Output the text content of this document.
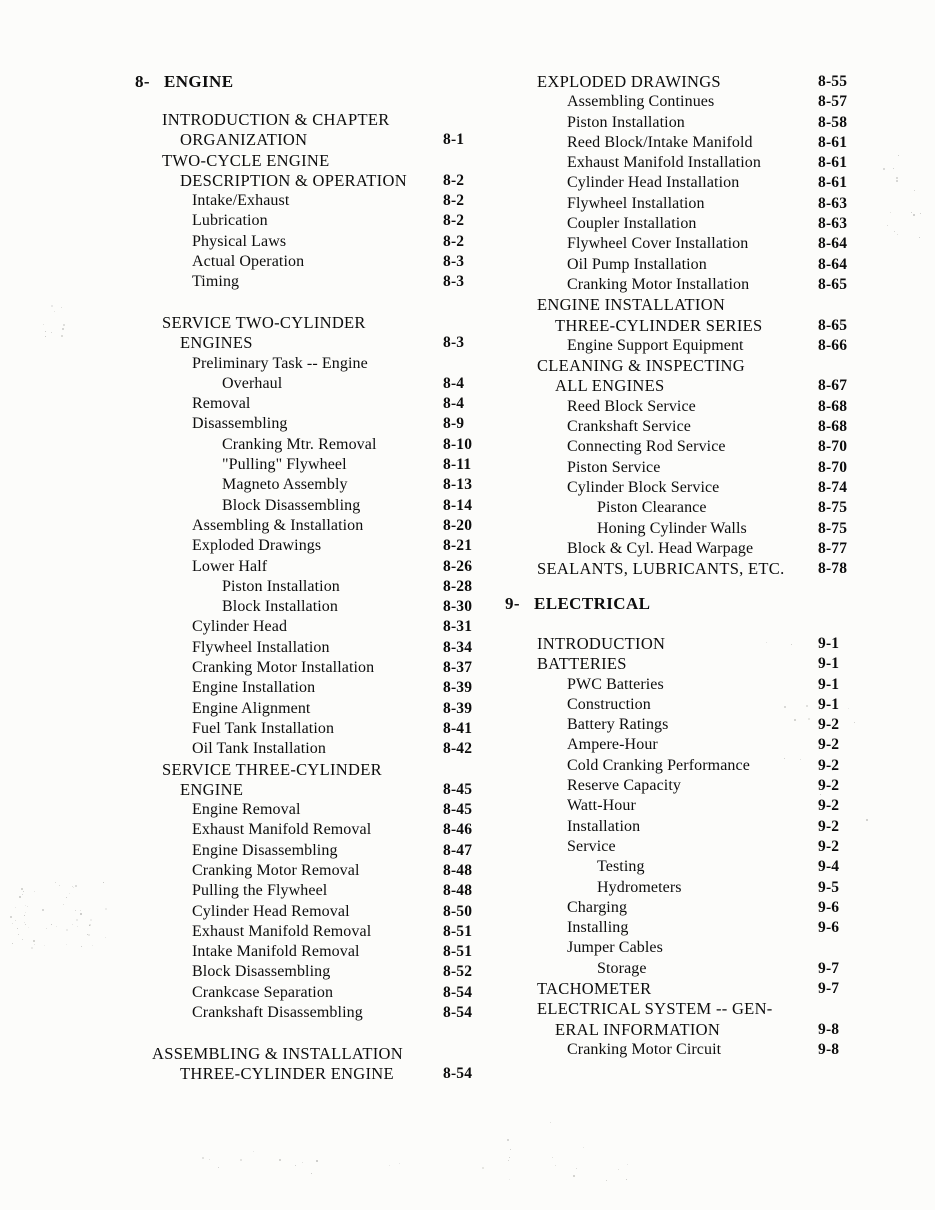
8- ENGINE
INTRODUCTION & CHAPTER
ORGANIZATION	8-1
TWO-CYCLE ENGINE
DESCRIPTION & OPERATION 8-2
Intake/Exhaust	8-2
Lubrication	8-2
Physical Laws	8-2
Actual Operation	8-3
Timing	8-3
SERVICE TWO-CYLINDER
ENGINES	8-3
Preliminary Task -- Engine
Overhaul	8-4
Removal	8-4
Disassembling	8-9
Cranking Mtr. Removal	8-10
"Pulling" Flywheel	8-11
Magneto Assembly	8-13
Block Disassembling	8-14
Assembling & Installation	8-20
Exploded Drawings	8-21
Lower Half	8-26
Piston Installation	8-28
Block Installation	8-30
Cylinder Head	8-31
Flywheel Installation	8-34
Cranking Motor Installation	8-37
Engine Installation	8-39
Engine Alignment	8-39
Fuel Tank Installation	8-41
Oil Tank Installation	8-42
SERVICE THREE-CYLINDER
ENGINE	8-45
Engine Removal	8-45
Exhaust Manifold Removal	8-46
Engine Disassembling	8-47
Cranking Motor Removal	8-48
Pulling the Flywheel	8-48
Cylinder Head Removal	8-50
Exhaust Manifold Removal	8-51
Intake Manifold Removal	8-51
Block Disassembling	8-52
Crankcase Separation	8-54
Crankshaft Disassembling	8-54
ASSEMBLING & INSTALLATION
THREE-CYLINDER ENGINE	8-54
EXPLODED DRAWINGS	8-55
Assembling Continues	8-57
Piston Installation	8-58
Reed Block/Intake Manifold	8-61
Exhaust Manifold Installation	8-61
Cylinder Head Installation	8-61
Flywheel Installation	8-63
Coupler Installation	8-63
Flywheel Cover Installation	8-64
Oil Pump Installation	8-64
Cranking Motor Installation	8-65
ENGINE INSTALLATION
THREE-CYLINDER SERIES	8-65
Engine Support Equipment	8-66
CLEANING & INSPECTING
ALL ENGINES	8-67
Reed Block Service	8-68
Crankshaft Service	8-68
Connecting Rod Service	8-70
Piston Service	8-70
Cylinder Block Service	8-74
Piston Clearance	8-75
Honing Cylinder Walls	8-75
Block & Cyl. Head Warpage	8-77
SEALANTS, LUBRICANTS, ETC. 8-78
9- ELECTRICAL
INTRODUCTION	9-1
BATTERIES	9-1
PWC Batteries	9-1
Construction	9-1
Battery Ratings	9-2
Ampere-Hour	9-2
Cold Cranking Performance	9-2
Reserve Capacity	9-2
Watt-Hour	9-2
Installation	9-2
Service	9-2
Testing	9-4
Hydrometers	9-5
Charging	9-6
Installing	9-6
Jumper Cables
Storage	9-7
TACHOMETER	9-7
ELECTRICAL SYSTEM -- GEN-
ERAL INFORMATION	9-8
Cranking Motor Circuit	9-8
